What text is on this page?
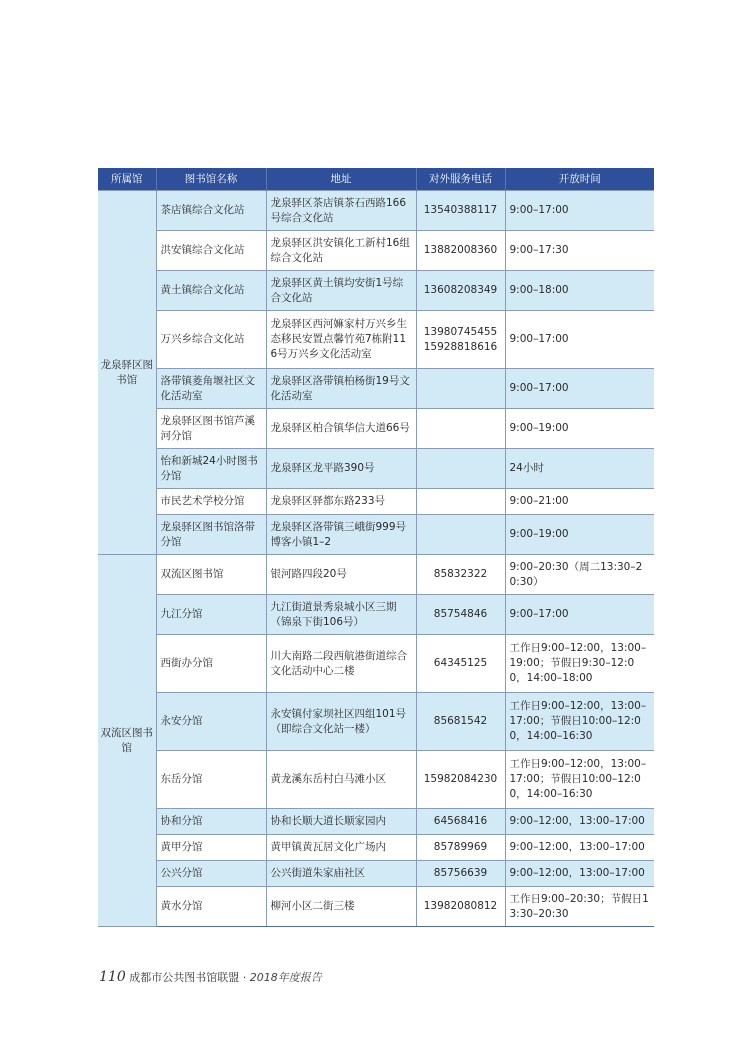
所属馆	图书馆名称	地址	对外服务电话	开放时间
龙泉驿区图书馆	茶店镇综合文化站	龙泉驿区茶店镇茶石西路166号综合文化站	13540388117	9:00–17:00
	洪安镇综合文化站	龙泉驿区洪安镇化工新村16组综合文化站	13882008360	9:00–17:30
	黄土镇综合文化站	龙泉驿区黄土镇均安街1号综合文化站	13608208349	9:00–18:00
	万兴乡综合文化站	龙泉驿区西河嫲家村万兴乡生态移民安置点馨竹苑7栋附116号万兴乡文化活动室	13980745455 15928818616	9:00–17:00
	洛带镇菱角堰社区文化活动室	龙泉驿区洛带镇柏杨街19号文化活动室		9:00–17:00
	龙泉驿区图书馆芦溪河分馆	龙泉驿区柏合镇华信大道66号		9:00–19:00
	怡和新城24小时图书分馆	龙泉驿区龙平路390号		24小时
	市民艺术学校分馆	龙泉驿区驿都东路233号		9:00–21:00
	龙泉驿区图书馆洛带分馆	龙泉驿区洛带镇三峨街999号博客小镇1–2		9:00–19:00
双流区图书馆	双流区图书馆	银河路四段20号	85832322	9:00–20:30（周二13:30–20:30）
	九江分馆	九江街道景秀泉城小区三期（锦泉下街106号）	85754846	9:00–17:00
	西街办分馆	川大南路二段西航港街道综合文化活动中心二楼	64345125	工作日9:00–12:00，13:00–19:00；节假日9:30–12:00，14:00–18:00
	永安分馆	永安镇付家坝社区四组101号（即综合文化站一楼）	85681542	工作日9:00–12:00，13:00–17:00；节假日10:00–12:00，14:00–16:30
	东岳分馆	黄龙溪东岳村白马滩小区	15982084230	工作日9:00–12:00，13:00–17:00；节假日10:00–12:00，14:00–16:30
	协和分馆	协和长顺大道长顺家园内	64568416	9:00–12:00，13:00–17:00
	黄甲分馆	黄甲镇黄瓦居文化广场内	85789969	9:00–12:00，13:00–17:00
	公兴分馆	公兴街道朱家庙社区	85756639	9:00–12:00，13:00–17:00
	黄水分馆	柳河小区二街三楼	13982080812	工作日9:00–20:30；节假日13:30–20:30
110 成都市公共图书馆联盟 · 2018年度报告
